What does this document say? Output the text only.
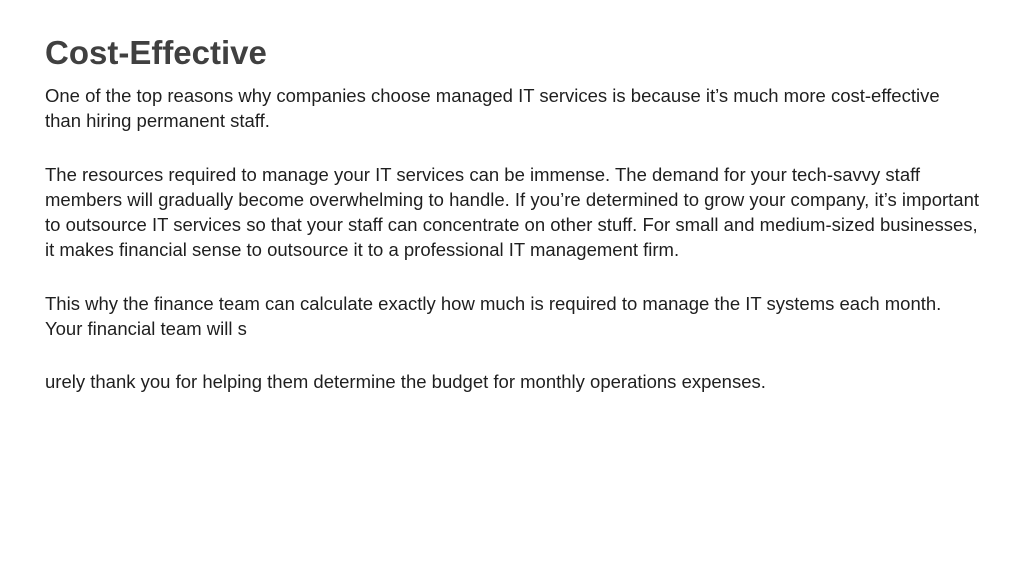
Cost-Effective

One of the top reasons why companies choose managed IT services is because it’s much more cost-effective than hiring permanent staff.

The resources required to manage your IT services can be immense. The demand for your tech-savvy staff members will gradually become overwhelming to handle. If you’re determined to grow your company, it’s important to outsource IT services so that your staff can concentrate on other stuff. For small and medium-sized businesses, it makes financial sense to outsource it to a professional IT management firm.

This why the finance team can calculate exactly how much is required to manage the IT systems each month. Your financial team will s

urely thank you for helping them determine the budget for monthly operations expenses.
